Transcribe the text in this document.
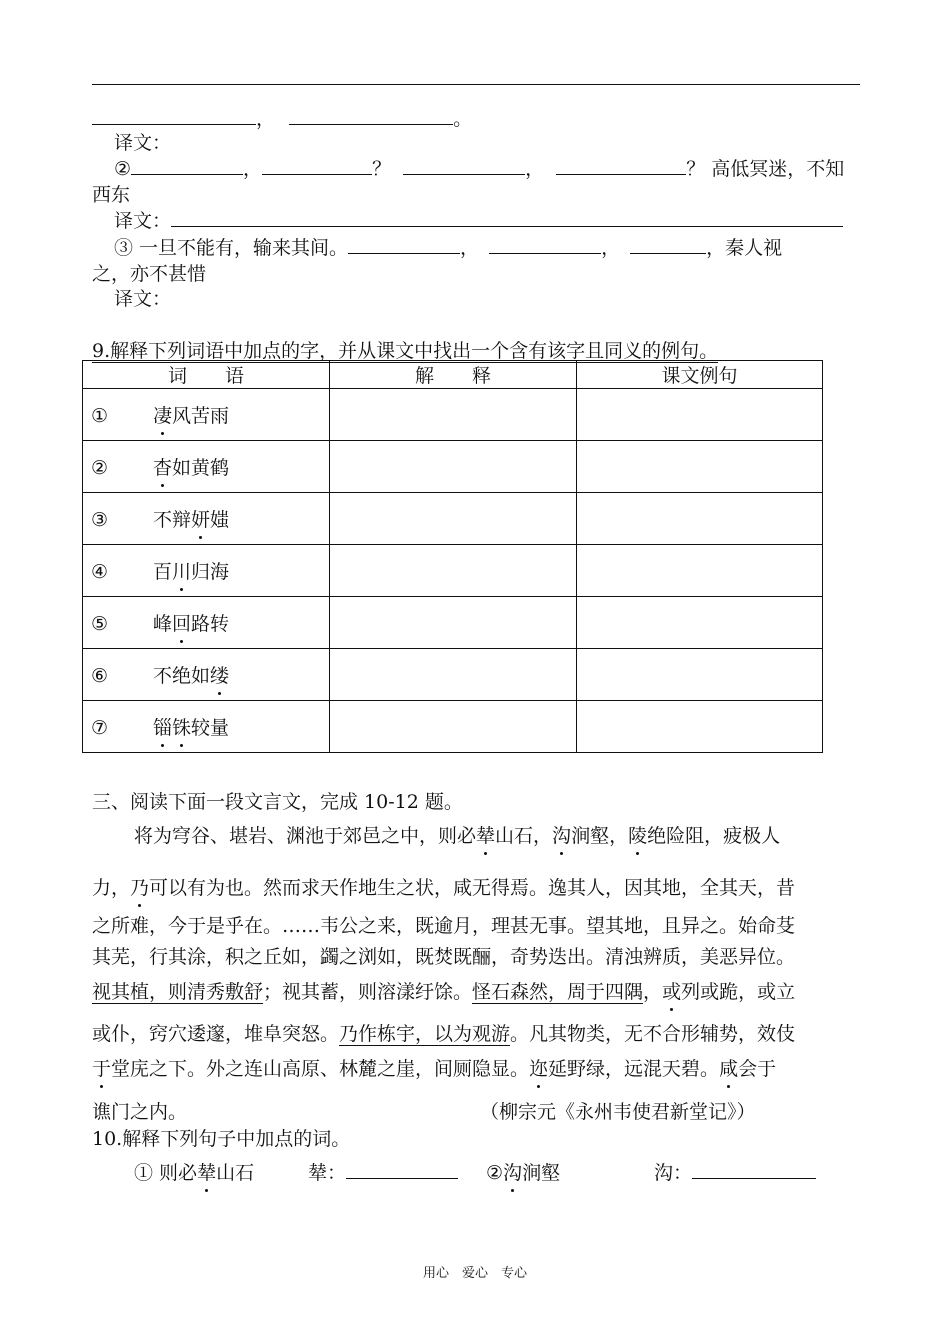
，	。
译文：
②	，	？	，	？ 高低冥迷，不知
西东
译文：
③ 一旦不能有，输来其间。	，	，	，秦人视
之，亦不甚惜
译文：
9.解释下列词语中加点的字，并从课文中找出一个含有该字且同义的例句。
词　　语	解　　释	课文例句
① 凄风苦雨		
② 杳如黄鹤		
③ 不辩妍媸		
④ 百川归海		
⑤ 峰回路转		
⑥ 不绝如缕		
⑦ 锱铢较量		
三、阅读下面一段文言文，完成 10-12 题。
将为穹谷、堪岩、渊池于郊邑之中，则必辇山石，沟涧壑，陵绝险阻，疲极人
力，乃可以有为也。然而求天作地生之状，咸无得焉。逸其人，因其地，全其天，昔
之所难，今于是乎在。……韦公之来，既逾月，理甚无事。望其地，且异之。始命芟
其芜，行其涂，积之丘如，蠲之浏如，既焚既酾，奇势迭出。清浊辨质，美恶异位。
视其植，则清秀敷舒；视其蓄，则溶漾纡馀。怪石森然，周于四隅，或列或跪，或立
或仆，窍穴逶邃，堆阜突怒。乃作栋宇，以为观游。凡其物类，无不合形辅势，效伎
于堂庑之下。外之连山高原、林麓之崖，间厕隐显。迩延野绿，远混天碧。咸会于
谯门之内。	（柳宗元《永州韦使君新堂记》）
10.解释下列句子中加点的词。
① 则必辇山石	辇：	②沟涧壑	沟：
用心　爱心　专心
